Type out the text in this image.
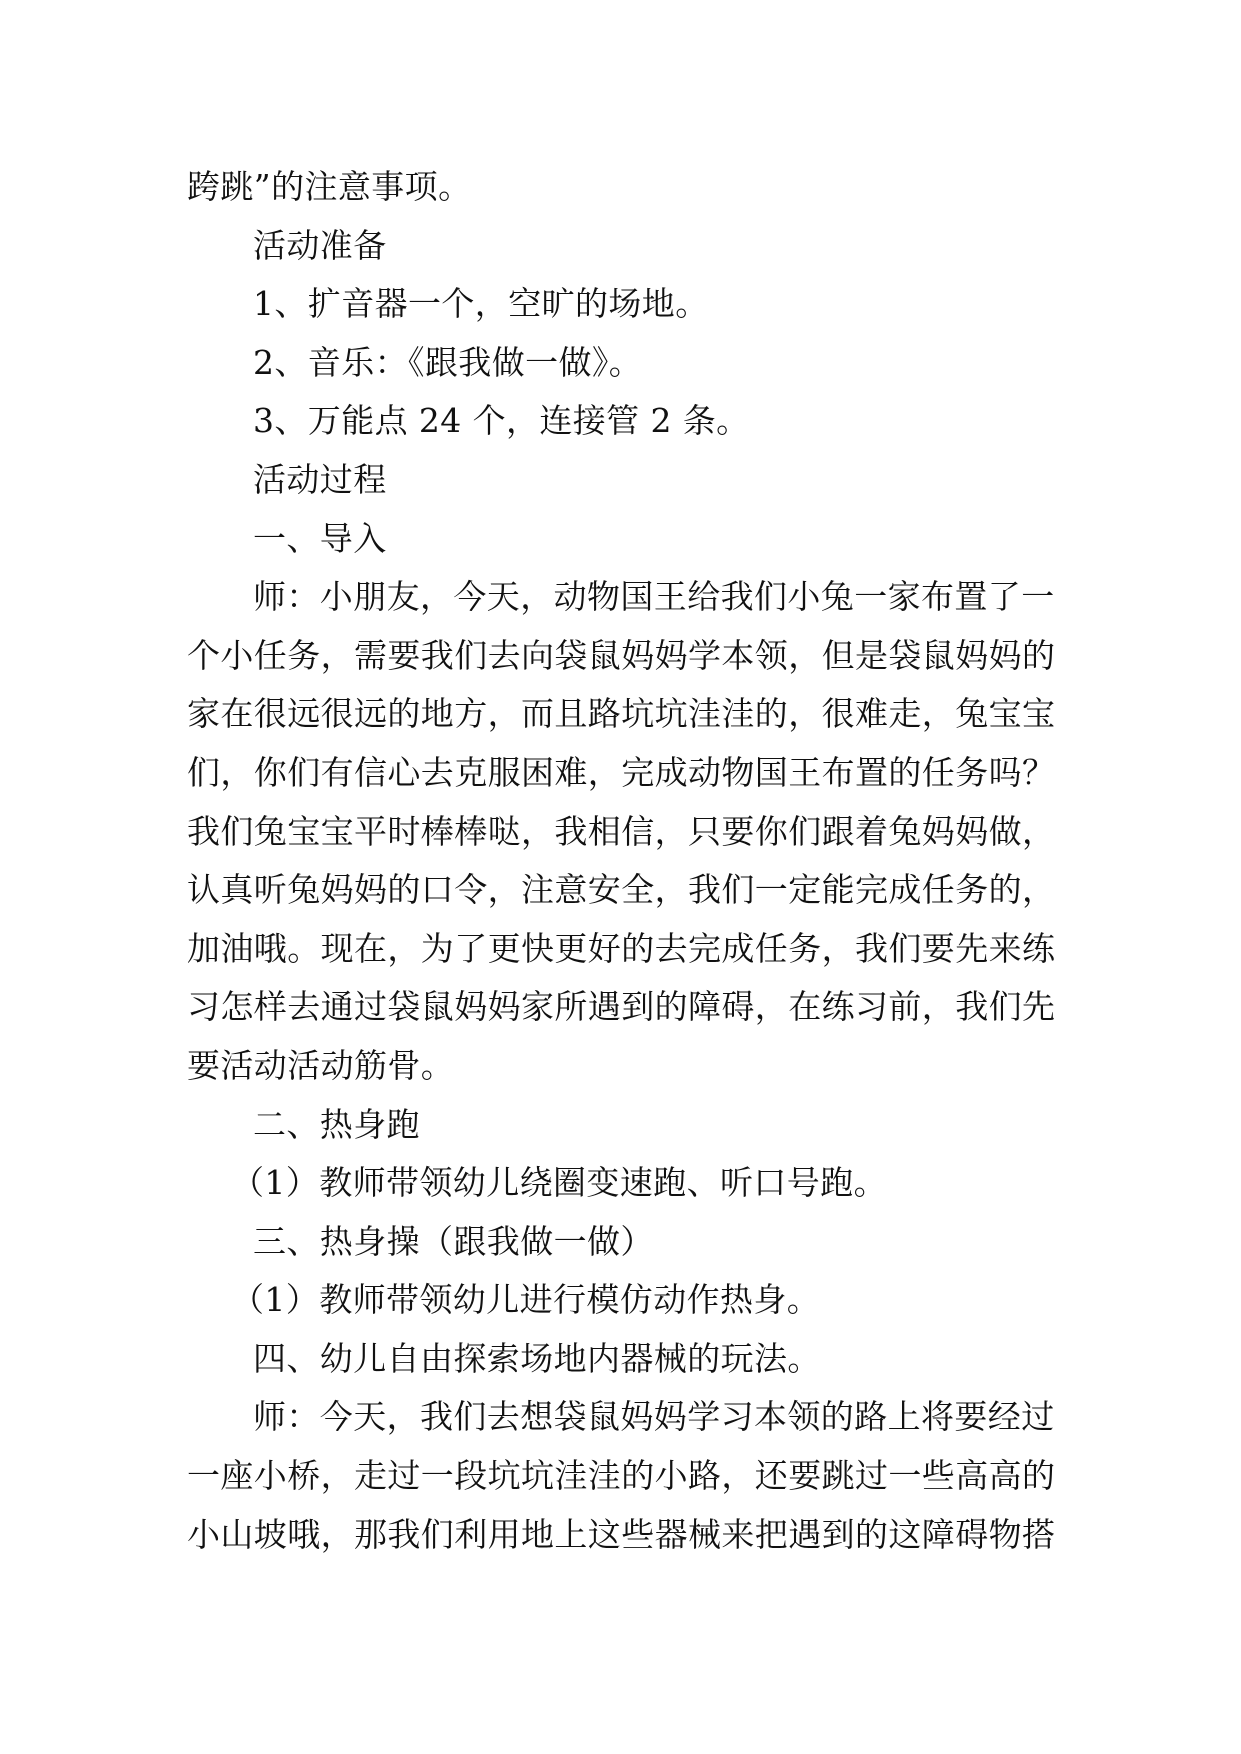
跨跳”的注意事项。
活动准备
1、扩音器一个，空旷的场地。
2、音乐：《跟我做一做》。
3、万能点 24 个，连接管 2 条。
活动过程
一、导入
师：小朋友，今天，动物国王给我们小兔一家布置了一
个小任务，需要我们去向袋鼠妈妈学本领，但是袋鼠妈妈的
家在很远很远的地方，而且路坑坑洼洼的，很难走，兔宝宝
们，你们有信心去克服困难，完成动物国王布置的任务吗？
我们兔宝宝平时棒棒哒，我相信，只要你们跟着兔妈妈做，
认真听兔妈妈的口令，注意安全，我们一定能完成任务的，
加油哦。现在，为了更快更好的去完成任务，我们要先来练
习怎样去通过袋鼠妈妈家所遇到的障碍，在练习前，我们先
要活动活动筋骨。
二、热身跑
（1）教师带领幼儿绕圈变速跑、听口号跑。
三、热身操（跟我做一做）
（1）教师带领幼儿进行模仿动作热身。
四、幼儿自由探索场地内器械的玩法。
师：今天，我们去想袋鼠妈妈学习本领的路上将要经过
一座小桥，走过一段坑坑洼洼的小路，还要跳过一些高高的
小山坡哦，那我们利用地上这些器械来把遇到的这障碍物搭
